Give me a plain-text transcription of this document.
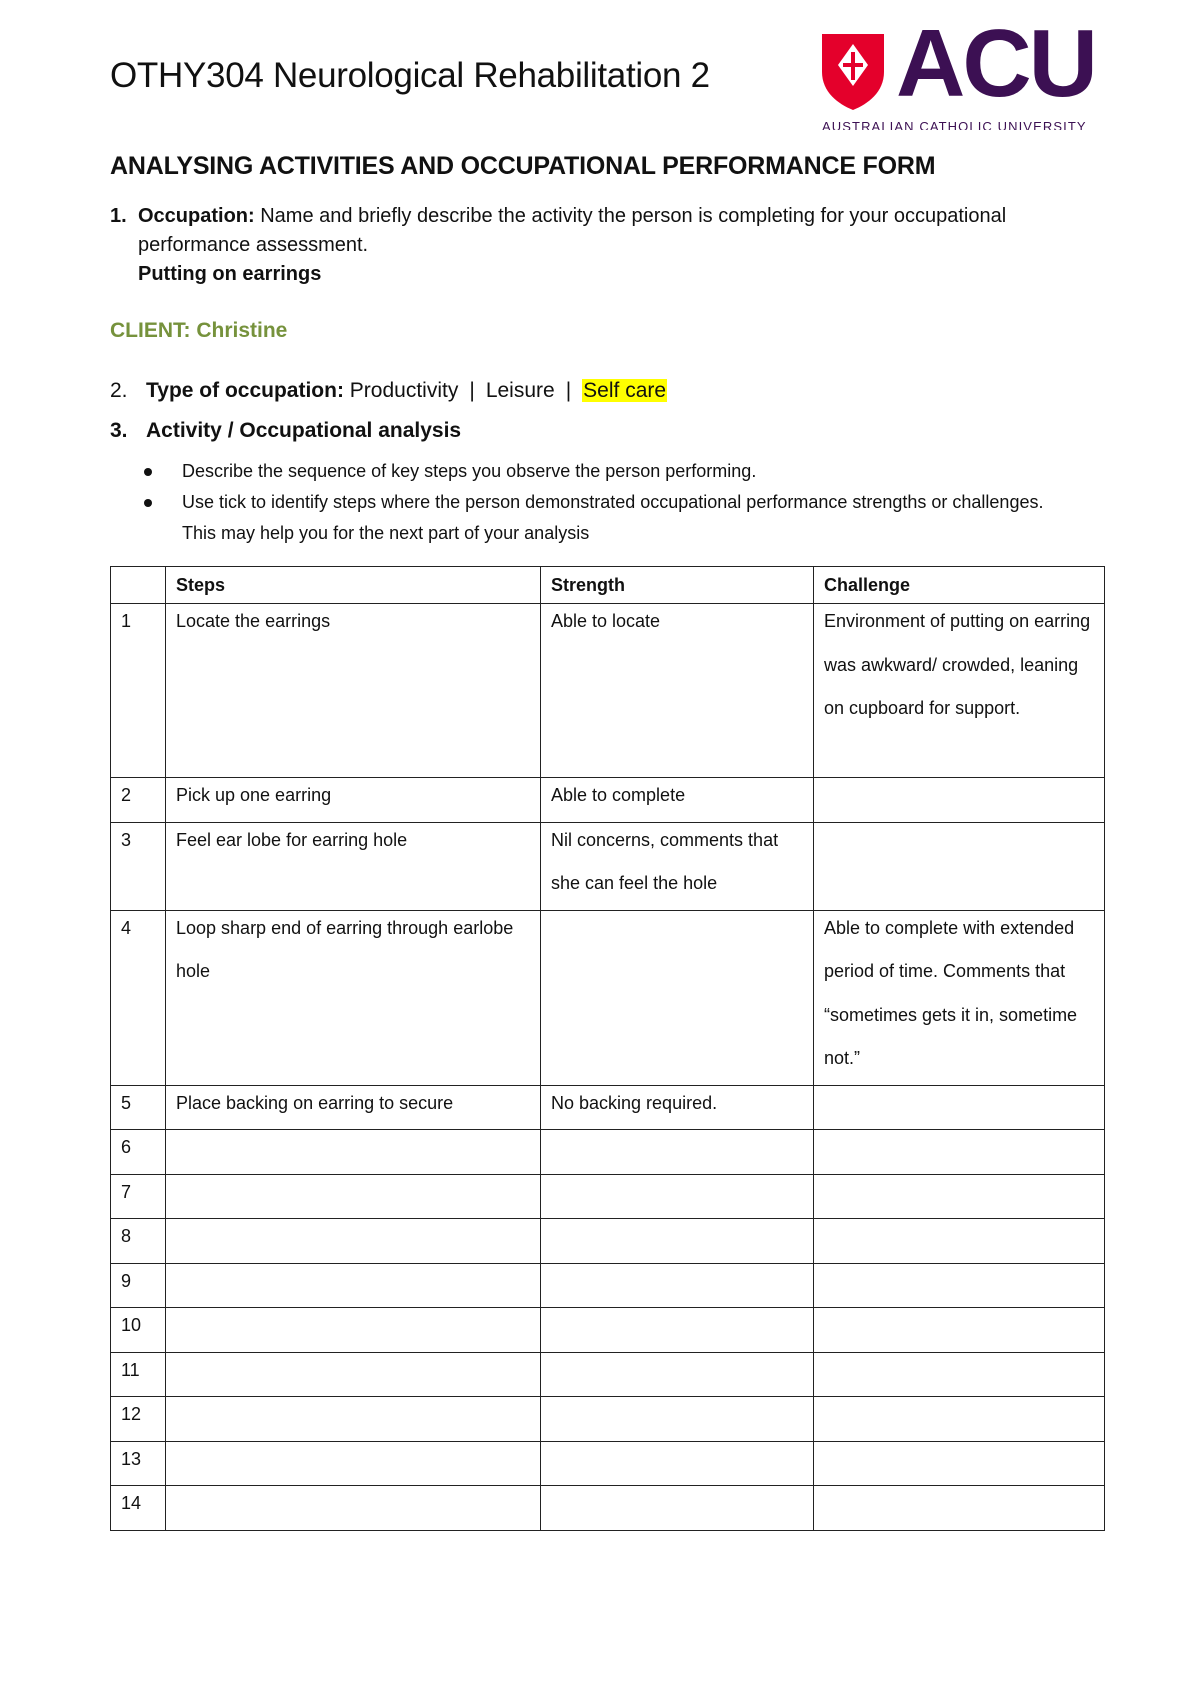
OTHY304 Neurological Rehabilitation 2 ACU
AUSTRALIAN CATHOLIC UNIVERSITY
ANALYSING ACTIVITIES AND OCCUPATIONAL PERFORMANCE FORM
1. Occupation: Name and briefly describe the activity the person is completing for your occupational performance assessment.
Putting on earrings
CLIENT: Christine
2. Type of occupation: Productivity | Leisure | Self care
3. Activity / Occupational analysis
Describe the sequence of key steps you observe the person performing.
Use tick to identify steps where the person demonstrated occupational performance strengths or challenges. This may help you for the next part of your analysis
	Steps	Strength	Challenge

1	Locate the earrings	Able to locate	Environment of putting on earring was awkward/ crowded, leaning on cupboard for support.

2	Pick up one earring	Able to complete	

3	Feel ear lobe for earring hole	Nil concerns, comments that she can feel the hole	

4	Loop sharp end of earring through earlobe hole		Able to complete with extended period of time. Comments that “sometimes gets it in, sometime not.”

5	Place backing on earring to secure	No backing required.	

6			

7			

8			

9			

10			

11			

12			

13			

14			
